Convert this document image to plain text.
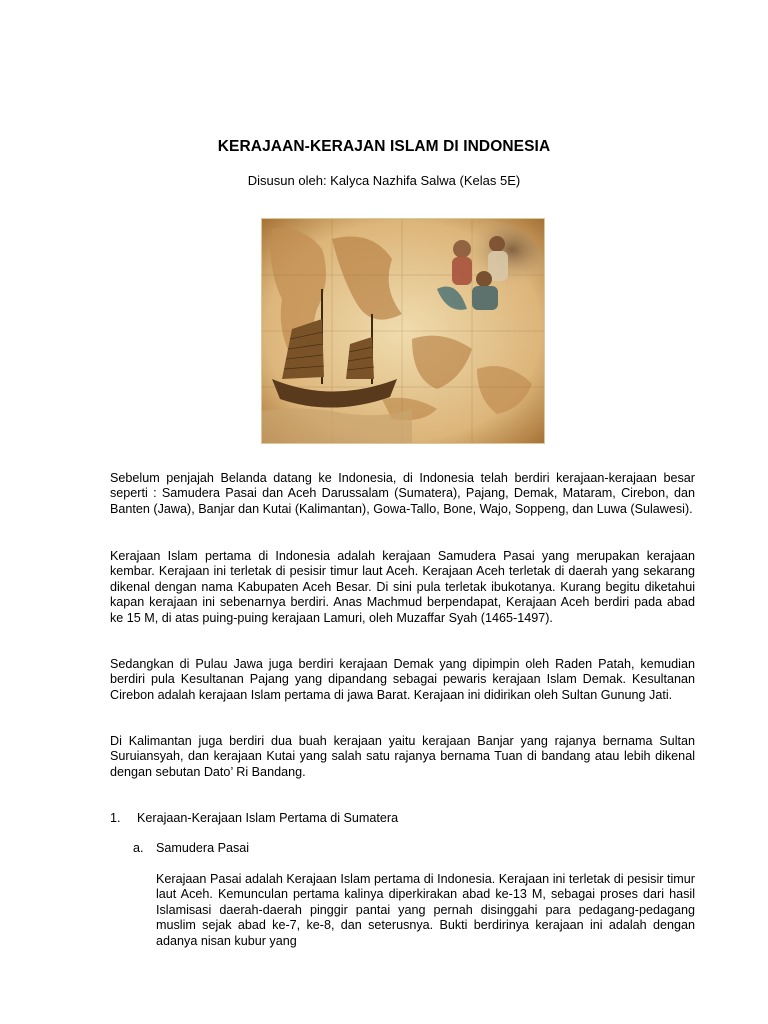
KERAJAAN-KERAJAN ISLAM DI INDONESIA
Disusun oleh: Kalyca Nazhifa Salwa (Kelas 5E)
Sebelum penjajah Belanda datang ke Indonesia, di Indonesia telah berdiri kerajaan-kerajaan besar seperti : Samudera Pasai dan Aceh Darussalam (Sumatera), Pajang, Demak, Mataram, Cirebon, dan Banten (Jawa), Banjar dan Kutai (Kalimantan), Gowa-Tallo, Bone, Wajo, Soppeng, dan Luwa (Sulawesi).
Kerajaan Islam pertama di Indonesia adalah kerajaan Samudera Pasai yang merupakan kerajaan kembar. Kerajaan ini terletak di pesisir timur laut Aceh. Kerajaan Aceh terletak di daerah yang sekarang dikenal dengan nama Kabupaten Aceh Besar. Di sini pula terletak ibukotanya. Kurang begitu diketahui kapan kerajaan ini sebenarnya berdiri. Anas Machmud berpendapat, Kerajaan Aceh berdiri pada abad ke 15 M, di atas puing-puing kerajaan Lamuri, oleh Muzaffar Syah (1465-1497).
Sedangkan di Pulau Jawa juga berdiri kerajaan Demak yang dipimpin oleh Raden Patah, kemudian berdiri pula Kesultanan Pajang yang dipandang sebagai pewaris kerajaan Islam Demak. Kesultanan Cirebon adalah kerajaan Islam pertama di jawa Barat. Kerajaan ini didirikan oleh Sultan Gunung Jati.
Di Kalimantan juga berdiri dua buah kerajaan yaitu kerajaan Banjar yang rajanya bernama Sultan Suruiansyah, dan kerajaan Kutai yang salah satu rajanya bernama Tuan di bandang atau lebih dikenal dengan sebutan Dato’ Ri Bandang.
1. Kerajaan-Kerajaan Islam Pertama di Sumatera
a. Samudera Pasai
Kerajaan Pasai adalah Kerajaan Islam pertama di Indonesia. Kerajaan ini terletak di pesisir timur laut Aceh. Kemunculan pertama kalinya diperkirakan abad ke-13 M, sebagai proses dari hasil Islamisasi daerah-daerah pinggir pantai yang pernah disinggahi para pedagang-pedagang muslim sejak abad ke-7, ke-8, dan seterusnya. Bukti berdirinya kerajaan ini adalah dengan adanya nisan kubur yang
